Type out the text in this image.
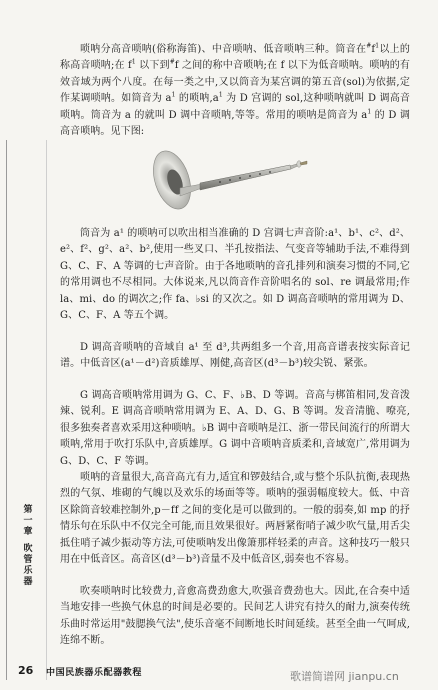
唢呐分高音唢呐(俗称海笛)、中音唢呐、低音唢呐三种。筒音在$^{\#}f^1$以上的称高音唢呐;在 $f^1$ 以下到#f 之间的称中音唢呐;在 f 以下为低音唢呐。唢呐的有效音域为两个八度。在每一类之中,又以筒音为某宫调的第五音(sol)为依据,定作某调唢呐。如筒音为 $a^1$ 的唢呐$,a^1$ 为 D 宫调的 sol,这种唢呐就叫 D 调高音唢呐。筒音为 a 的就叫 D 调中音唢呐,等等。常用的唢呐是筒音为 $a^1$ 的 D 调高音唢呐。见下图:

筒音为 a¹ 的唢呐可以吹出相当准确的 D 宫调七声音阶:a¹、b¹、c²、d²、e²、f²、g²、a²、b²,使用一些叉口、半孔按指法、气变音等辅助手法,不难得到 G、C、F、A 等调的七声音阶。由于各地唢呐的音孔排列和演奏习惯的不同,它的常用调也不尽相同。大体说来,凡以筒音作音阶唱名的 sol、re 调最常用;作 la、mi、do 的调次之;作 fa、♭si 的又次之。如 D 调高音唢呐的常用调为 D、G、C、F、A 等五个调。

D 调高音唢呐的音域自 a¹ 至 d³,共两组多一个音,用高音谱表按实际音记谱。中低音区(a¹－d²)音质雄厚、刚健,高音区(d³－b³)较尖锐、紧张。

G 调高音唢呐常用调为 G、C、F、♭B、D 等调。音高与梆笛相同,发音泼辣、锐利。E 调高音唢呐常用调为 E、A、D、G、B 等调。发音清脆、嘹亮,很多独奏者喜欢采用这种唢呐。♭B 调中音唢呐是江、浙一带民间流行的所谓大唢呐,常用于吹打乐队中,音质雄厚。G 调中音唢呐音质柔和,音域宽广,常用调为 G、D、C、F 等调。

唢呐的音量很大,高音高亢有力,适宜和锣鼓结合,或与整个乐队抗衡,表现热烈的气氛、堆砌的气魄以及欢乐的场面等等。唢呐的强弱幅度较大。低、中音区除筒音较难控制外,p－ff 之间的变化是可以做到的。一般的弱奏,如 mp 的抒情乐句在乐队中不仅完全可能,而且效果很好。两唇紧衔哨子减少吹气量,用舌尖抵住哨子减少振动等方法,可使唢呐发出像箫那样轻柔的声音。这种技巧一般只用在中低音区。高音区(d³－b³)音量不及中低音区,弱奏也不容易。

吹奏唢呐时比较费力,音愈高费劲愈大,吹强音费劲也大。因此,在合奏中适当地安排一些换气休息的时间是必要的。民间艺人讲究有持久的耐力,演奏传统乐曲时常运用"鼓腮换气法",使乐音毫不间断地长时间延续。甚至全曲一气呵成,连绵不断。

第
一
章
吹
管
乐
器
26 中国民族器乐配器教程	歌谱简谱网 jianpu.cn
